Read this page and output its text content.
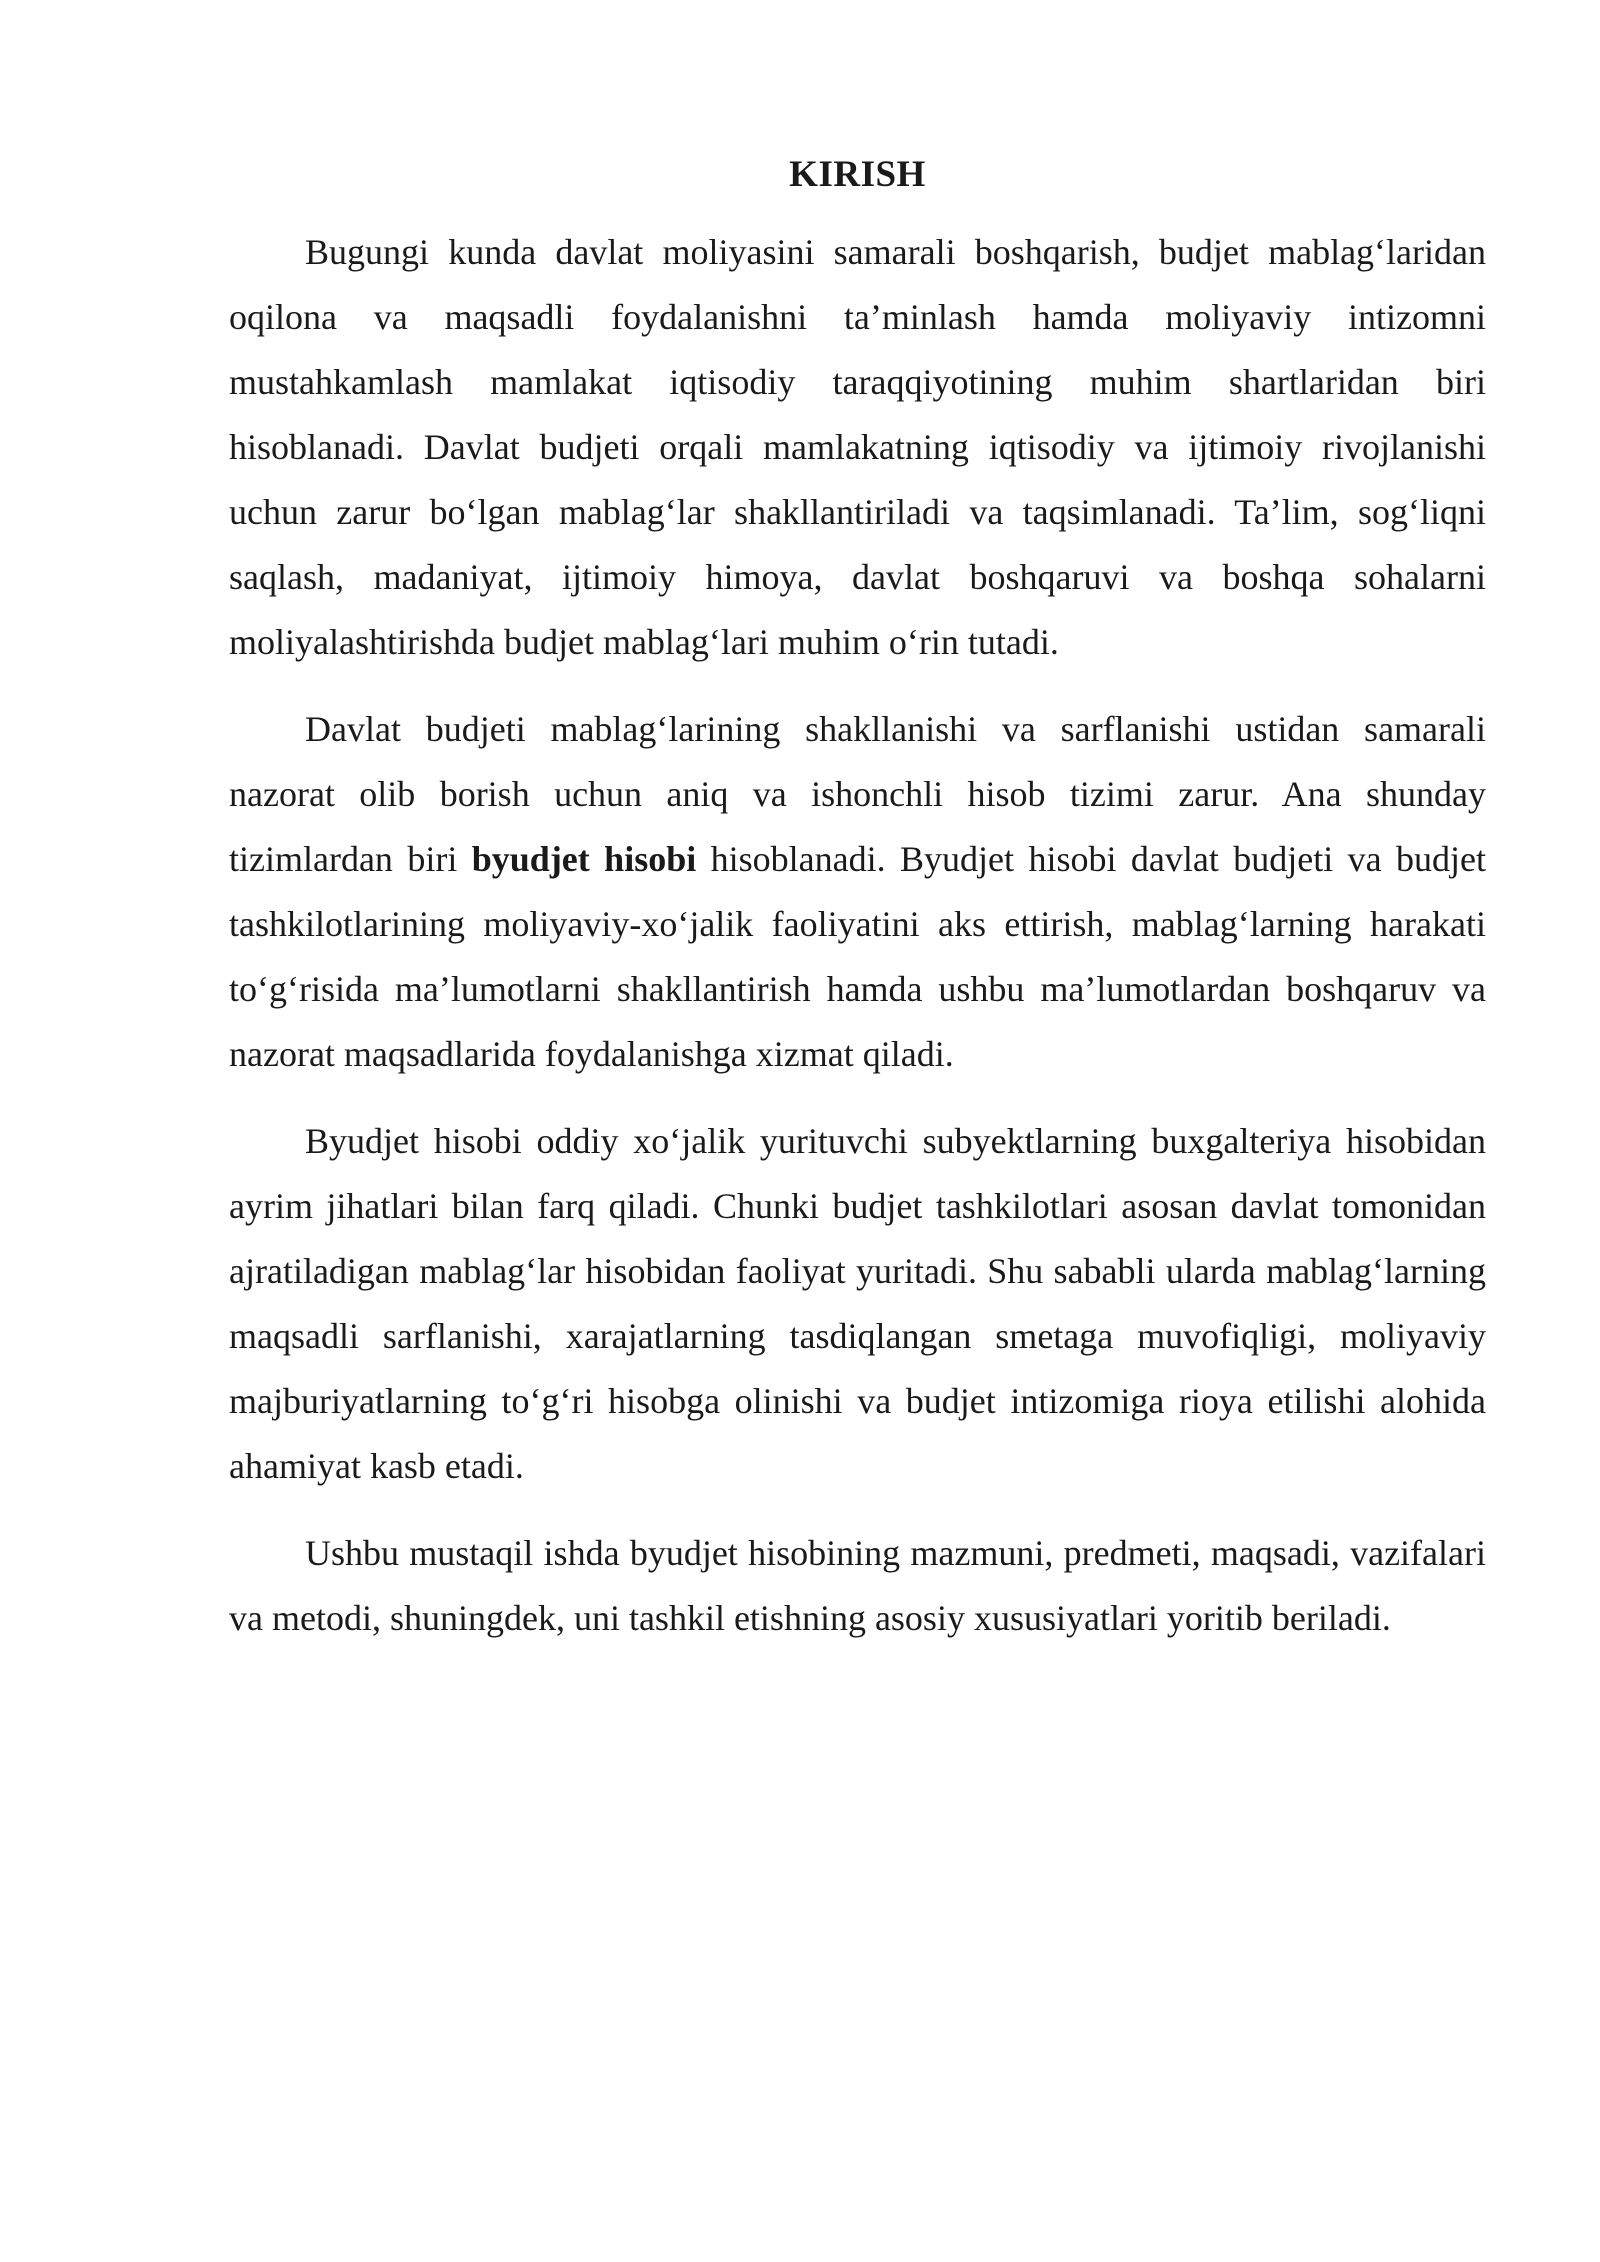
KIRISH

Bugungi kunda davlat moliyasini samarali boshqarish, budjet mablag‘laridan oqilona va maqsadli foydalanishni ta’minlash hamda moliyaviy intizomni mustahkamlash mamlakat iqtisodiy taraqqiyotining muhim shartlaridan biri hisoblanadi. Davlat budjeti orqali mamlakatning iqtisodiy va ijtimoiy rivojlanishi uchun zarur bo‘lgan mablag‘lar shakllantiriladi va taqsimlanadi. Ta’lim, sog‘liqni saqlash, madaniyat, ijtimoiy himoya, davlat boshqaruvi va boshqa sohalarni moliyalashtirishda budjet mablag‘lari muhim o‘rin tutadi.

Davlat budjeti mablag‘larining shakllanishi va sarflanishi ustidan samarali nazorat olib borish uchun aniq va ishonchli hisob tizimi zarur. Ana shunday tizimlardan biri byudjet hisobi hisoblanadi. Byudjet hisobi davlat budjeti va budjet tashkilotlarining moliyaviy-xo‘jalik faoliyatini aks ettirish, mablag‘larning harakati to‘g‘risida ma’lumotlarni shakllantirish hamda ushbu ma’lumotlardan boshqaruv va nazorat maqsadlarida foydalanishga xizmat qiladi.

Byudjet hisobi oddiy xo‘jalik yurituvchi subyektlarning buxgalteriya hisobidan ayrim jihatlari bilan farq qiladi. Chunki budjet tashkilotlari asosan davlat tomonidan ajratiladigan mablag‘lar hisobidan faoliyat yuritadi. Shu sababli ularda mablag‘larning maqsadli sarflanishi, xarajatlarning tasdiqlangan smetaga muvofiqligi, moliyaviy majburiyatlarning to‘g‘ri hisobga olinishi va budjet intizomiga rioya etilishi alohida ahamiyat kasb etadi.

Ushbu mustaqil ishda byudjet hisobining mazmuni, predmeti, maqsadi, vazifalari va metodi, shuningdek, uni tashkil etishning asosiy xususiyatlari yoritib beriladi.
